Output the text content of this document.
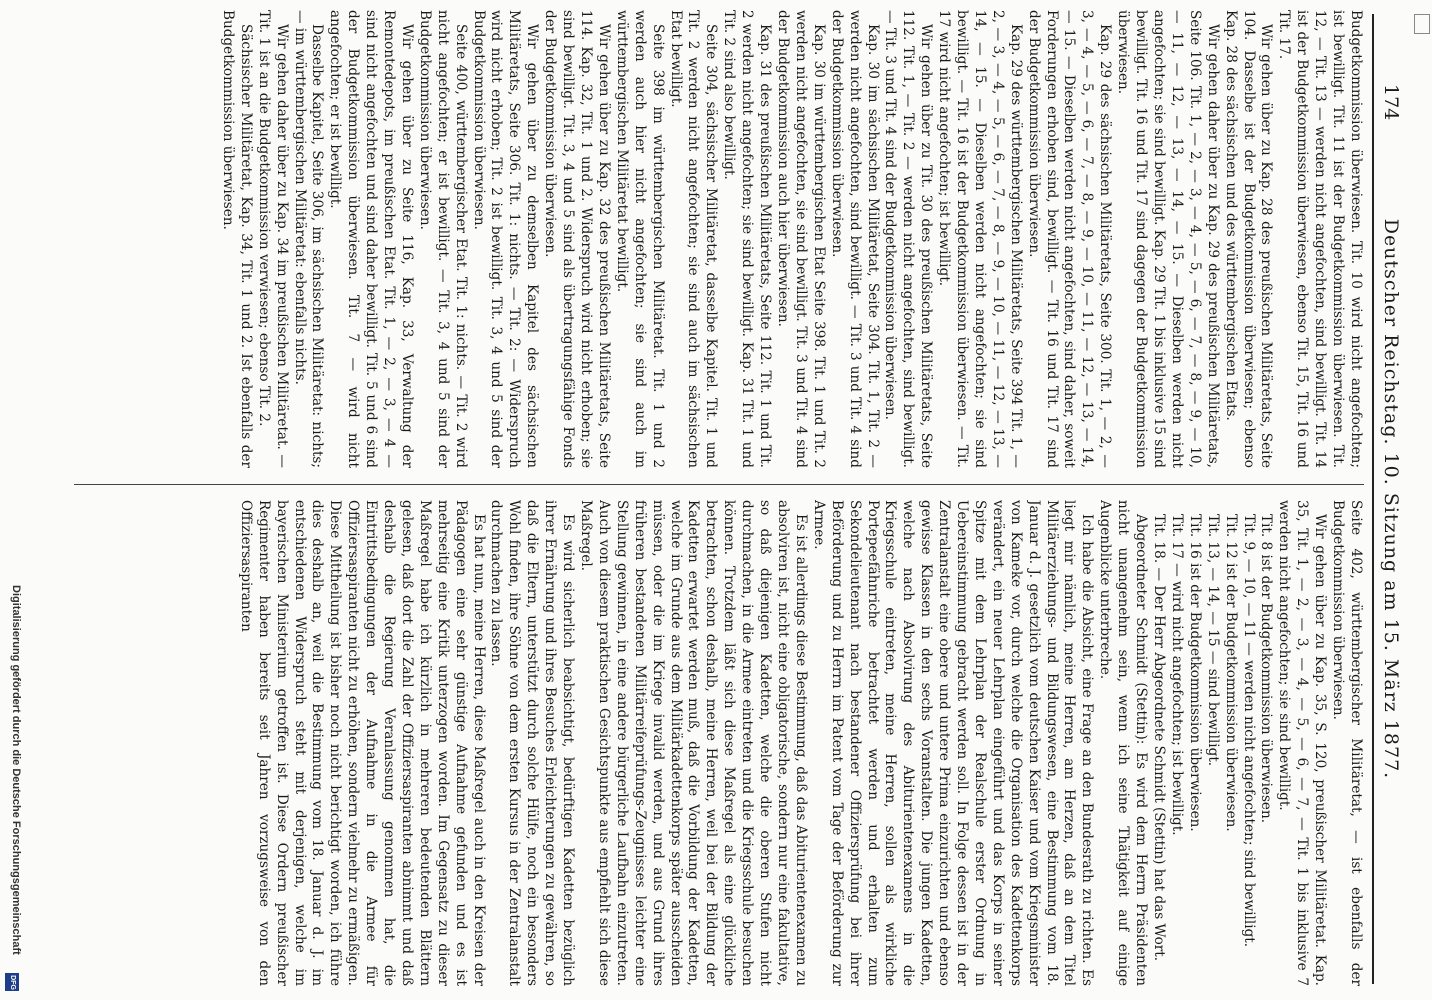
174
Deutscher Reichstag. 10. Sitzung am 15. März 1877.

Budgetkommission überwiesen. Tit. 10 wird nicht angefochten; ist bewilligt. Tit. 11 ist der Budgetkommission überwiesen. Tit. 12, — Tit. 13 — werden nicht angefochten, sind bewilligt. Tit. 14 ist der Budgetkommission überwiesen, ebenso Tit. 15, Tit. 16 und Tit. 17.

Wir gehen über zu Kap. 28 des preußischen Militäretats, Seite 104. Dasselbe ist der Budgetkommission überwiesen; ebenso Kap. 28 des sächsischen und des württembergischen Etats.

Wir gehen daher über zu Kap. 29 des preußischen Militäretats, Seite 106. Tit. 1, — 2, — 3, — 4, — 5, — 6, — 7, — 8, — 9, — 10, — 11, — 12, — 13, — 14, — 15. — Dieselben werden nicht angefochten; sie sind bewilligt. Kap. 29 Tit. 1 bis inklusive 15 sind bewilligt. Tit. 16 und Tit. 17 sind dagegen der Budgetkommission überwiesen.

Kap. 29 des sächsischen Militäretats, Seite 300. Tit. 1, — 2, — 3, — 4, — 5, — 6, — 7, — 8, — 9, — 10, — 11, — 12, — 13, — 14, — 15. — Dieselben werden nicht angefochten, sind daher, soweit Forderungen erhoben sind, bewilligt. — Tit. 16 und Tit. 17 sind der Budgetkommission überwiesen.

Kap. 29 des württembergischen Militäretats, Seite 394 Tit. 1, — 2, — 3, — 4, — 5, — 6, — 7, — 8, — 9, — 10, — 11, — 12, — 13, — 14, — 15. — Dieselben werden nicht angefochten; sie sind bewilligt. — Tit. 16 ist der Budgetkommission überwiesen. — Tit. 17 wird nicht angefochten; ist bewilligt.

Wir gehen über zu Tit. 30 des preußischen Militäretats, Seite 112. Tit. 1, — Tit. 2 — werden nicht angefochten, sind bewilligt. — Tit. 3 und Tit. 4 sind der Budgetkommission überwiesen.

Kap. 30 im sächsischen Militäretat, Seite 304. Tit. 1, Tit. 2 — werden nicht angefochten, sind bewilligt. — Tit. 3 und Tit. 4 sind der Budgetkommission überwiesen.

Kap. 30 im württembergischen Etat Seite 398. Tit. 1 und Tit. 2 werden nicht angefochten, sie sind bewilligt. Tit. 3 und Tit. 4 sind der Budgetkommission auch hier überwiesen.

Kap. 31 des preußischen Militäretats, Seite 112. Tit. 1 und Tit. 2 werden nicht angefochten; sie sind bewilligt. Kap. 31 Tit. 1 und Tit. 2 sind also bewilligt.

Seite 304, sächsischer Militäretat, dasselbe Kapitel. Tit. 1 und Tit. 2 werden nicht angefochten; sie sind auch im sächsischen Etat bewilligt.

Seite 398 im württembergischen Militäretat. Tit. 1 und 2 werden auch hier nicht angefochten; sie sind auch im württembergischen Militäretat bewilligt.

Wir gehen über zu Kap. 32 des preußischen Militäretats, Seite 114. Kap. 32, Tit. 1 und 2. Widerspruch wird nicht erhoben; sie sind bewilligt. Tit. 3, 4 und 5 sind als übertragungsfähige Fonds der Budgetkommission überwiesen.

Wir gehen über zu demselben Kapitel des sächsischen Militäretats, Seite 306. Tit. 1: nichts. — Tit. 2: — Widerspruch wird nicht erhoben; Tit. 2 ist bewilligt. Tit. 3, 4 und 5 sind der Budgetkommission überwiesen.

Seite 400, württembergischer Etat. Tit. 1: nichts. — Tit. 2 wird nicht angefochten; er ist bewilligt. — Tit. 3, 4 und 5 sind der Budgetkommission überwiesen.

Wir gehen über zu Seite 116, Kap. 33, Verwaltung der Remontedepots, im preußischen Etat. Tit. 1, — 2, — 3, — 4 — sind nicht angefochten und sind daher bewilligt. Tit. 5 und 6 sind der Budgetkommission überwiesen. Tit. 7 — wird nicht angefochten; er ist bewilligt.

Dasselbe Kapitel, Seite 306, im sächsischen Militäretat: nichts; — im württembergischen Militäretat: ebenfalls nichts.

Wir gehen daher über zu Kap. 34 im preußischen Militäretat. — Tit. 1 ist an die Budgetkommission verwiesen; ebenso Tit. 2.

Sächsischer Militäretat, Kap. 34, Tit. 1 und 2. Ist ebenfalls der Budgetkommission überwiesen.

Seite 402, württembergischer Militäretat, — ist ebenfalls der Budgetkommission überwiesen.

Wir gehen über zu Kap. 35, S. 120, preußischer Militäretat. Kap. 35, Tit. 1, — 2, — 3, — 4, — 5, — 6, — 7, — Tit. 1 bis inklusive 7 werden nicht angefochten; sie sind bewilligt.

Tit. 8 ist der Budgetkommission überwiesen.

Tit. 9, — 10, — 11 — werden nicht angefochten; sind bewilligt.

Tit. 12 ist der Budgetkommission überwiesen.

Tit. 13, — 14, — 15 — sind bewilligt.

Tit. 16 ist der Budgetkommission überwiesen.

Tit. 17 — wird nicht angefochten; ist bewilligt.

Tit. 18. — Der Herr Abgeordnete Schmidt (Stettin) hat das Wort.

Abgeordneter Schmidt (Stettin): Es wird dem Herrn Präsidenten nicht unangenehm sein, wenn ich seine Thätigkeit auf einige Augenblicke unterbreche.

Ich habe die Absicht, eine Frage an den Bundesrath zu richten. Es liegt mir nämlich, meine Herren, am Herzen, daß an dem Titel Militärerziehungs- und Bildungswesen, eine Bestimmung vom 18. Januar d. J. gesetzlich vom deutschen Kaiser und vom Kriegsminister von Kameke vor, durch welche die Organisation des Kadettenkorps verändert, ein neuer Lehrplan eingeführt und das Korps in seiner Spitze mit dem Lehrplan der Realschule erster Ordnung in Uebereinstimmung gebracht werden soll. In Folge dessen ist in der Zentralanstalt eine obere und untere Prima einzurichten und ebenso gewisse Klassen in den sechs Voranstalten. Die jungen Kadetten, welche nach Absolvirung des Abiturientenexamens in die Kriegsschule eintreten, meine Herren, sollen als wirkliche Portepeefähnriche betrachtet werden und erhalten zum Sekondelieutenant nach bestandener Offiziersprüfung bei ihrer Beförderung und zu Herrn im Patent vom Tage der Beförderung zur Armee.

Es ist allerdings diese Bestimmung, daß das Abiturientenexamen zu absolviren ist, nicht eine obligatorische, sondern nur eine fakultative, so daß diejenigen Kadetten, welche die oberen Stufen nicht durchmachen, in die Armee eintreten und die Kriegsschule besuchen können. Trotzdem läßt sich diese Maßregel als eine glückliche betrachten, schon deshalb, meine Herren, weil bei der Bildung der Kadetten erwartet werden muß, daß die Vorbildung der Kadetten, welche im Grunde aus dem Militärkadettenkorps später ausscheiden müssen, oder die im Kriege invalid werden, und aus Grund ihres früheren bestandenen Militärreifeprüfungs-Zeugnisses leichter eine Stellung gewinnen, in eine andere bürgerliche Laufbahn einzutreten. Auch von diesem praktischen Gesichtspunkte aus empfiehlt sich diese Maßregel.

Es wird sicherlich beabsichtigt, bedürftigen Kadetten bezüglich ihrer Ernährung und ihres Besuches Erleichterungen zu gewähren, so daß die Eltern, unterstützt durch solche Hülfe, noch ein besonders Wohl finden, ihre Söhne von dem ersten Kursus in der Zentralanstalt durchmachen zu lassen.

Es hat nun, meine Herren, diese Maßregel auch in den Kreisen der Pädagogen eine sehr günstige Aufnahme gefunden und es ist mehrseitig eine Kritik unterzogen worden. Im Gegensatz zu dieser Maßregel habe ich kürzlich in mehreren bedeutenden Blättern gelesen, daß dort die Zahl der Offiziersaspiranten abnimmt und daß deshalb die Regierung Veranlassung genommen hat, die Eintrittsbedingungen der Aufnahme in die Armee für Offiziersaspiranten nicht zu erhöhen, sondern vielmehr zu ermäßigen. Diese Mittheilung ist bisher noch nicht berichtigt worden, ich führe dies deshalb an, weil die Bestimmung vom 18. Januar d. J. im entschiedenen Widerspruch steht mit derjenigen, welche im bayerischen Ministerium getroffen ist. Diese Ordern preußischer Regimenter haben bereits seit Jahren vorzugsweise von den Offiziersaspiranten

Digitalisierung gefördert durch die Deutsche Forschungsgemeinschaft
DFG
